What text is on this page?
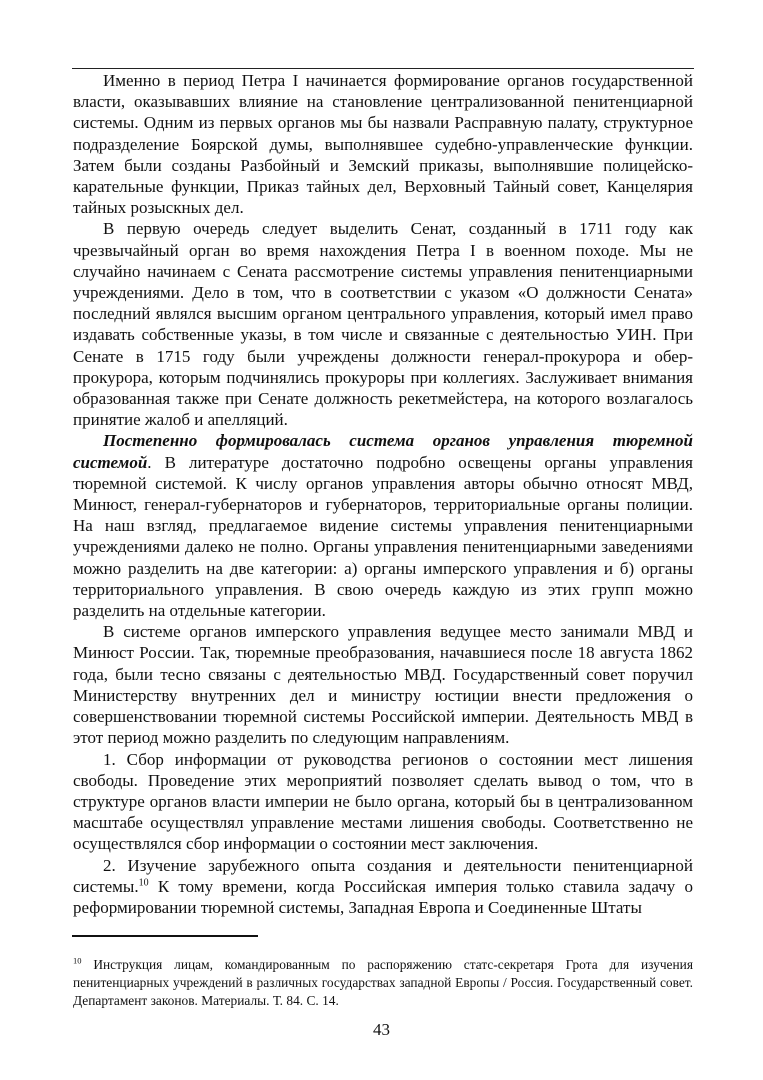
Именно в период Петра I начинается формирование органов государственной власти, оказывавших влияние на становление централизованной пенитенциарной системы. Одним из первых органов мы бы назвали Расправную палату, структурное подразделение Боярской думы, выполнявшее судебно-управленческие функции. Затем были созданы Разбойный и Земский приказы, выполнявшие полицейско-карательные функции, Приказ тайных дел, Верховный Тайный совет, Канцелярия тайных розыскных дел.

В первую очередь следует выделить Сенат, созданный в 1711 году как чрезвычайный орган во время нахождения Петра I в военном походе. Мы не случайно начинаем с Сената рассмотрение системы управления пенитенциарными учреждениями. Дело в том, что в соответствии с указом «О должности Сената» последний являлся высшим органом центрального управления, который имел право издавать собственные указы, в том числе и связанные с деятельностью УИН. При Сенате в 1715 году были учреждены должности генерал-прокурора и обер-прокурора, которым подчинялись прокуроры при коллегиях. Заслуживает внимания образованная также при Сенате должность рекетмейстера, на которого возлагалось принятие жалоб и апелляций.

Постепенно формировалась система органов управления тюремной системой. В литературе достаточно подробно освещены органы управления тюремной системой. К числу органов управления авторы обычно относят МВД, Минюст, генерал-губернаторов и губернаторов, территориальные органы полиции. На наш взгляд, предлагаемое видение системы управления пенитенциарными учреждениями далеко не полно. Органы управления пенитенциарными заведениями можно разделить на две категории: а) органы имперского управления и б) органы территориального управления. В свою очередь каждую из этих групп можно разделить на отдельные категории.

В системе органов имперского управления ведущее место занимали МВД и Минюст России. Так, тюремные преобразования, начавшиеся после 18 августа 1862 года, были тесно связаны с деятельностью МВД. Государственный совет поручил Министерству внутренних дел и министру юстиции внести предложения о совершенствовании тюремной системы Российской империи. Деятельность МВД в этот период можно разделить по следующим направлениям.

1. Сбор информации от руководства регионов о состоянии мест лишения свободы. Проведение этих мероприятий позволяет сделать вывод о том, что в структуре органов власти империи не было органа, который бы в централизованном масштабе осуществлял управление местами лишения свободы. Соответственно не осуществлялся сбор информации о состоянии мест заключения.

2. Изучение зарубежного опыта создания и деятельности пенитенциарной системы.$^{10}$ К тому времени, когда Российская империя только ставила задачу о реформировании тюремной системы, Западная Европа и Соединенные Штаты

$^{10}$ Инструкция лицам, командированным по распоряжению статс-секретаря Грота для изучения пенитенциарных учреждений в различных государствах западной Европы / Россия. Государственный совет. Департамент законов. Материалы. Т. 84. С. 14.
43
